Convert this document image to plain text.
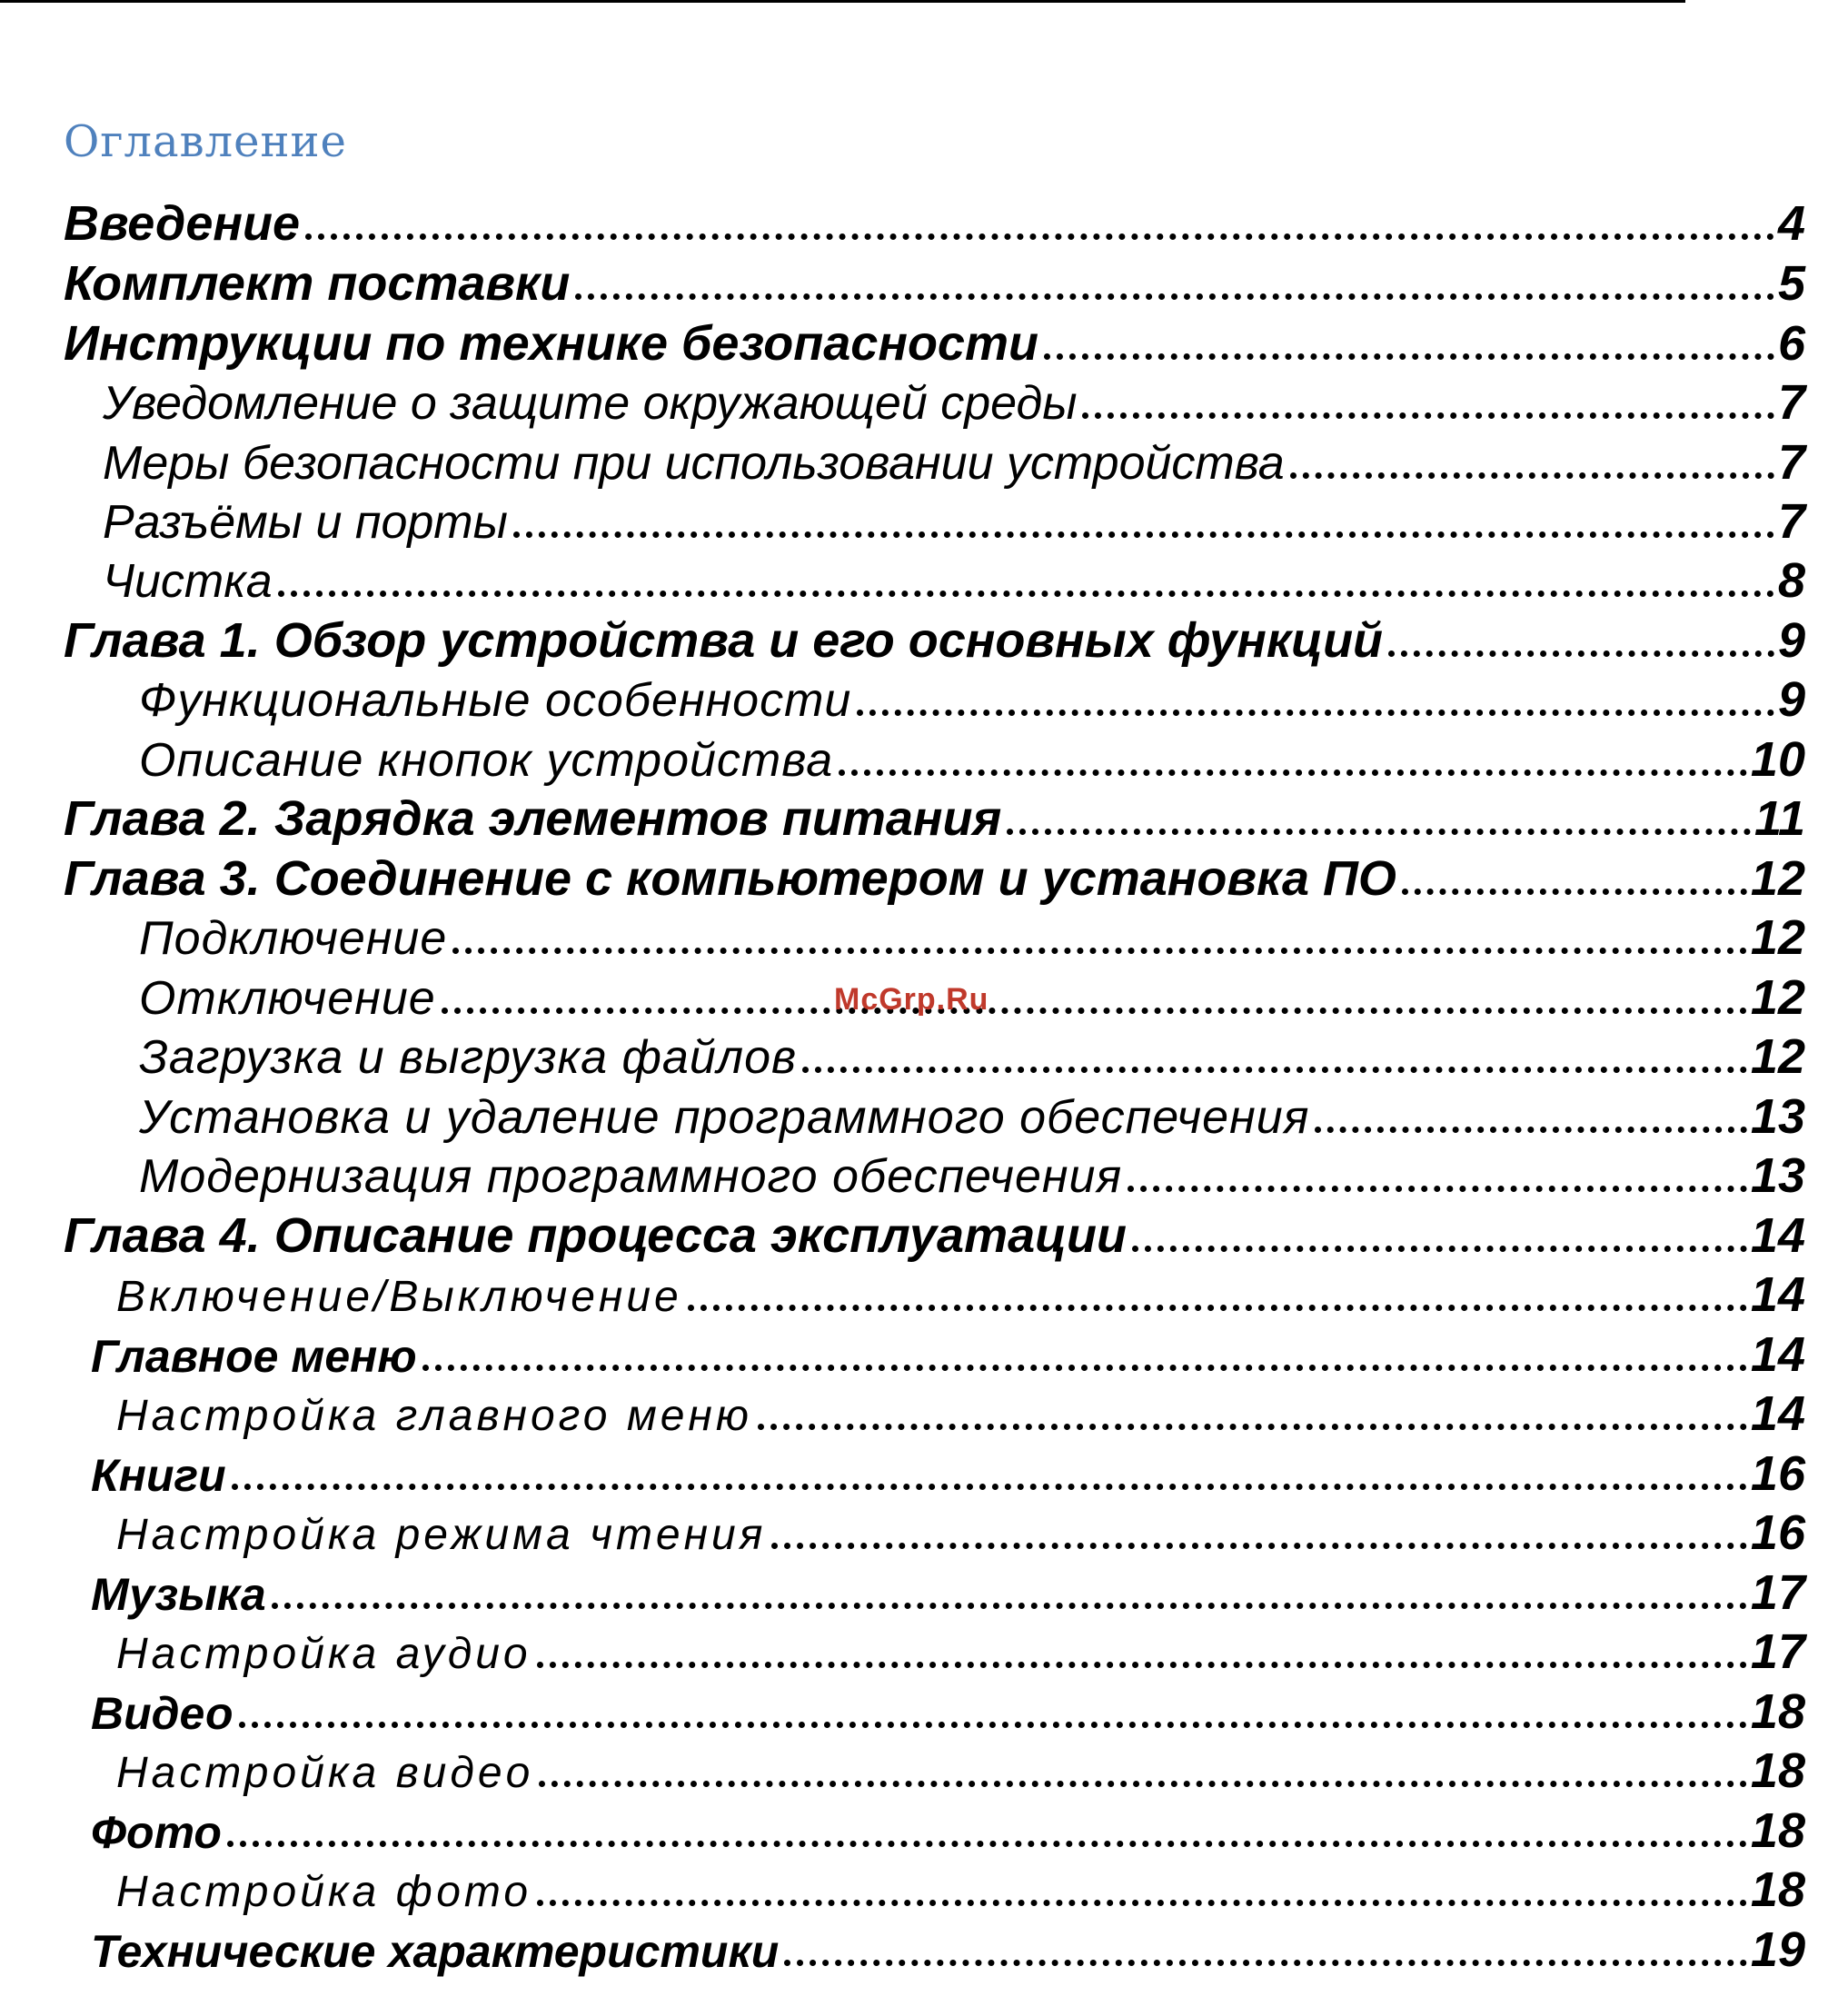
Оглавление
Введение	4
Комплект поставки	5
Инструкции по технике безопасности	6
Уведомление о защите окружающей среды	7
Меры безопасности при использовании устройства	7
Разъёмы и порты	7
Чистка	8
Глава 1. Обзор устройства и его основных функций	9
Функциональные особенности	9
Описание кнопок устройства	10
Глава 2. Зарядка элементов питания	11
Глава 3. Соединение с компьютером и установка ПО	12
Подключение	12
Отключение	12
Загрузка и выгрузка файлов	12
Установка и удаление программного обеспечения	13
Модернизация программного обеспечения	13
Глава 4. Описание процесса эксплуатации	14
Включение/Выключение	14
Главное меню	14
Настройка главного меню	14
Книги	16
Настройка режима чтения	16
Музыка	17
Настройка аудио	17
Видео	18
Настройка видео	18
Фото	18
Настройка фото	18
Технические характеристики	19
McGrp.Ru
